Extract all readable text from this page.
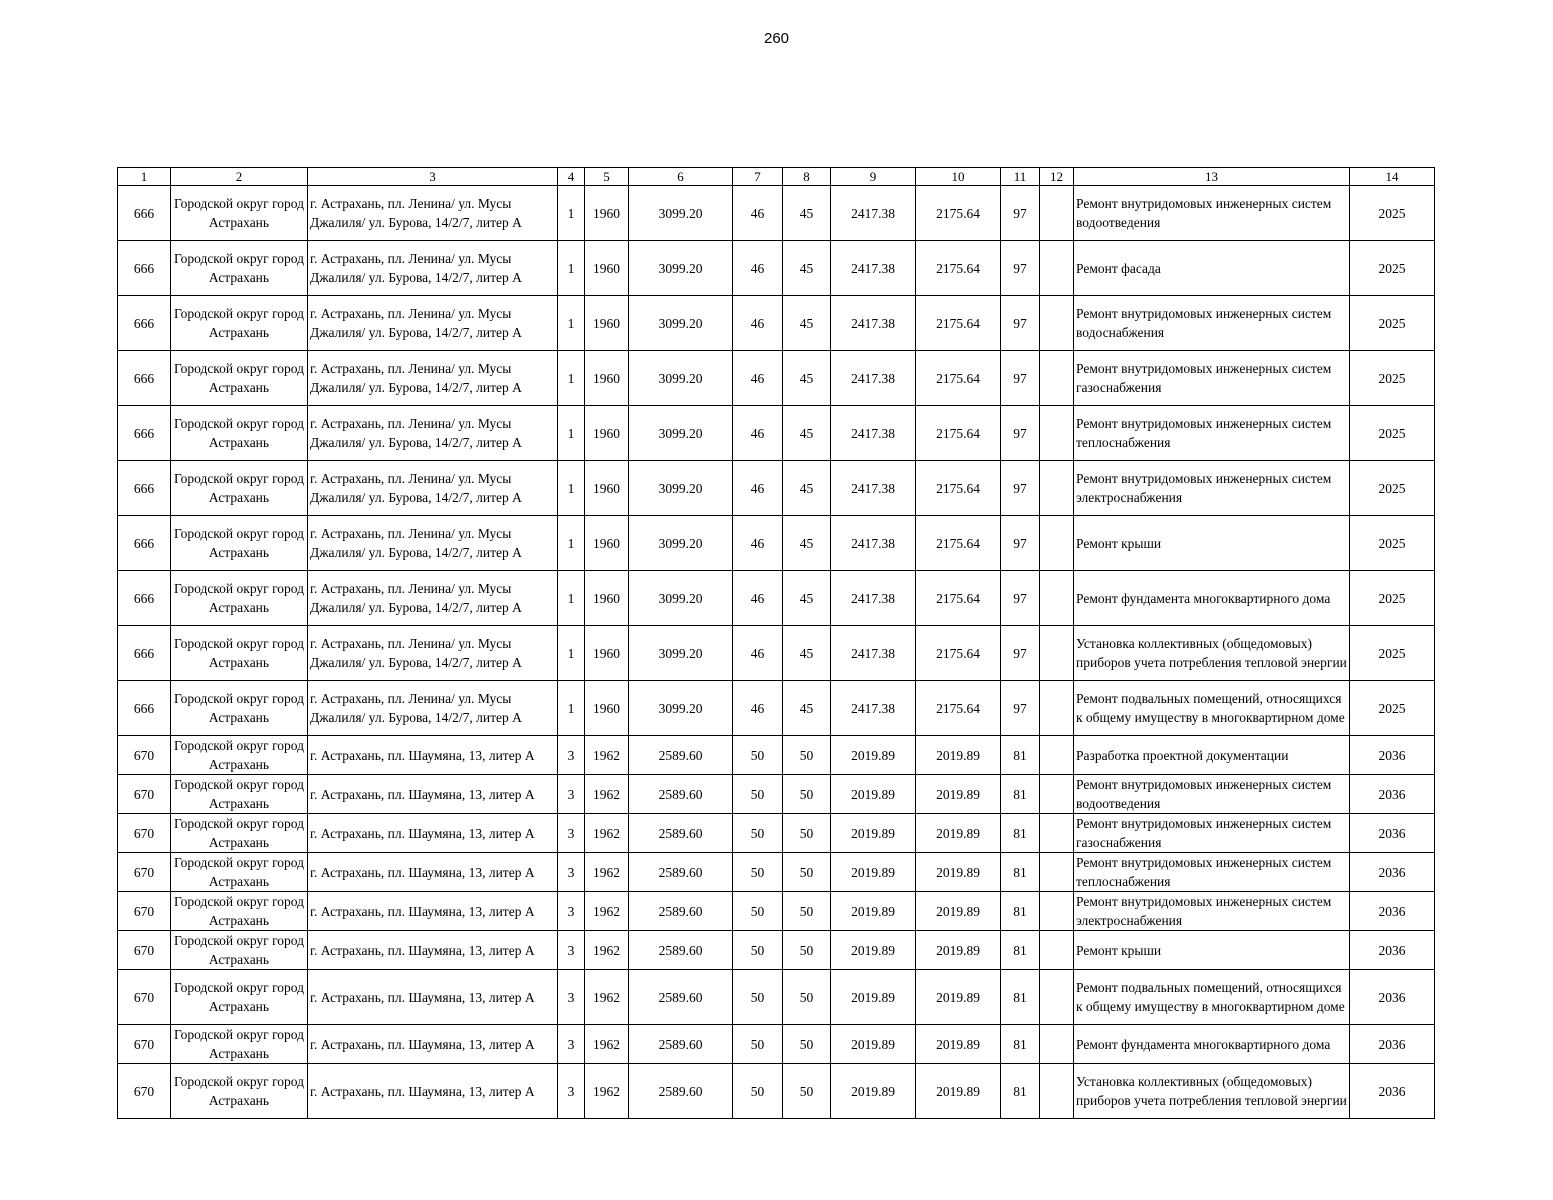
260
1	2	3	4	5	6	7	8	9	10	11	12	13	14
666	Городской округ город Астрахань	г. Астрахань, пл. Ленина/ ул. Мусы Джалиля/ ул. Бурова, 14/2/7, литер А	1	1960	3099.20	46	45	2417.38	2175.64	97		Ремонт внутридомовых инженерных систем водоотведения	2025
666	Городской округ город Астрахань	г. Астрахань, пл. Ленина/ ул. Мусы Джалиля/ ул. Бурова, 14/2/7, литер А	1	1960	3099.20	46	45	2417.38	2175.64	97		Ремонт фасада	2025
666	Городской округ город Астрахань	г. Астрахань, пл. Ленина/ ул. Мусы Джалиля/ ул. Бурова, 14/2/7, литер А	1	1960	3099.20	46	45	2417.38	2175.64	97		Ремонт внутридомовых инженерных систем водоснабжения	2025
666	Городской округ город Астрахань	г. Астрахань, пл. Ленина/ ул. Мусы Джалиля/ ул. Бурова, 14/2/7, литер А	1	1960	3099.20	46	45	2417.38	2175.64	97		Ремонт внутридомовых инженерных систем газоснабжения	2025
666	Городской округ город Астрахань	г. Астрахань, пл. Ленина/ ул. Мусы Джалиля/ ул. Бурова, 14/2/7, литер А	1	1960	3099.20	46	45	2417.38	2175.64	97		Ремонт внутридомовых инженерных систем теплоснабжения	2025
666	Городской округ город Астрахань	г. Астрахань, пл. Ленина/ ул. Мусы Джалиля/ ул. Бурова, 14/2/7, литер А	1	1960	3099.20	46	45	2417.38	2175.64	97		Ремонт внутридомовых инженерных систем электроснабжения	2025
666	Городской округ город Астрахань	г. Астрахань, пл. Ленина/ ул. Мусы Джалиля/ ул. Бурова, 14/2/7, литер А	1	1960	3099.20	46	45	2417.38	2175.64	97		Ремонт крыши	2025
666	Городской округ город Астрахань	г. Астрахань, пл. Ленина/ ул. Мусы Джалиля/ ул. Бурова, 14/2/7, литер А	1	1960	3099.20	46	45	2417.38	2175.64	97		Ремонт фундамента многоквартирного дома	2025
666	Городской округ город Астрахань	г. Астрахань, пл. Ленина/ ул. Мусы Джалиля/ ул. Бурова, 14/2/7, литер А	1	1960	3099.20	46	45	2417.38	2175.64	97		Установка коллективных (общедомовых) приборов учета потребления тепловой энергии	2025
666	Городской округ город Астрахань	г. Астрахань, пл. Ленина/ ул. Мусы Джалиля/ ул. Бурова, 14/2/7, литер А	1	1960	3099.20	46	45	2417.38	2175.64	97		Ремонт подвальных помещений, относящихся к общему имуществу в многоквартирном доме	2025
670	Городской округ город Астрахань	г. Астрахань, пл. Шаумяна, 13, литер А	3	1962	2589.60	50	50	2019.89	2019.89	81		Разработка проектной документации	2036
670	Городской округ город Астрахань	г. Астрахань, пл. Шаумяна, 13, литер А	3	1962	2589.60	50	50	2019.89	2019.89	81		Ремонт внутридомовых инженерных систем водоотведения	2036
670	Городской округ город Астрахань	г. Астрахань, пл. Шаумяна, 13, литер А	3	1962	2589.60	50	50	2019.89	2019.89	81		Ремонт внутридомовых инженерных систем газоснабжения	2036
670	Городской округ город Астрахань	г. Астрахань, пл. Шаумяна, 13, литер А	3	1962	2589.60	50	50	2019.89	2019.89	81		Ремонт внутридомовых инженерных систем теплоснабжения	2036
670	Городской округ город Астрахань	г. Астрахань, пл. Шаумяна, 13, литер А	3	1962	2589.60	50	50	2019.89	2019.89	81		Ремонт внутридомовых инженерных систем электроснабжения	2036
670	Городской округ город Астрахань	г. Астрахань, пл. Шаумяна, 13, литер А	3	1962	2589.60	50	50	2019.89	2019.89	81		Ремонт крыши	2036
670	Городской округ город Астрахань	г. Астрахань, пл. Шаумяна, 13, литер А	3	1962	2589.60	50	50	2019.89	2019.89	81		Ремонт подвальных помещений, относящихся к общему имуществу в многоквартирном доме	2036
670	Городской округ город Астрахань	г. Астрахань, пл. Шаумяна, 13, литер А	3	1962	2589.60	50	50	2019.89	2019.89	81		Ремонт фундамента многоквартирного дома	2036
670	Городской округ город Астрахань	г. Астрахань, пл. Шаумяна, 13, литер А	3	1962	2589.60	50	50	2019.89	2019.89	81		Установка коллективных (общедомовых) приборов учета потребления тепловой энергии	2036
